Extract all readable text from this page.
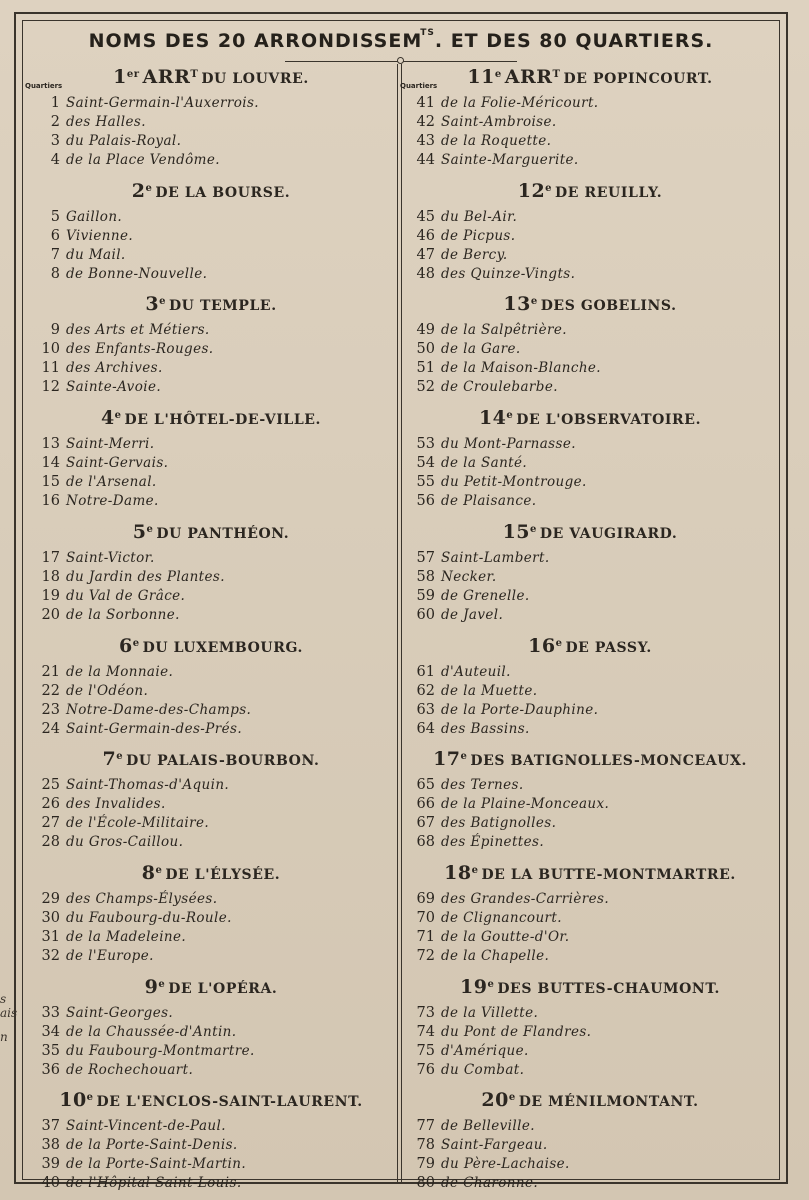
s
ais
n
NOMS DES 20 $ARRONDISSEM^{TS}$. ET DES 80 QUARTIERS.
1er $ARR^T$ DU LOUVRE.
Quartiers
1 Saint-Germain-l'Auxerrois.
2 des Halles.
3 du Palais-Royal.
4 de la Place Vendôme.
2e DE LA BOURSE.
5 Gaillon.
6 Vivienne.
7 du Mail.
8 de Bonne-Nouvelle.
3e DU TEMPLE.
9 des Arts et Métiers.
10 des Enfants-Rouges.
11 des Archives.
12 Sainte-Avoie.
4e DE L'HÔTEL-DE-VILLE.
13 Saint-Merri.
14 Saint-Gervais.
15 de l'Arsenal.
16 Notre-Dame.
5e DU PANTHÉON.
17 Saint-Victor.
18 du Jardin des Plantes.
19 du Val de Grâce.
20 de la Sorbonne.
6e DU LUXEMBOURG.
21 de la Monnaie.
22 de l'Odéon.
23 Notre-Dame-des-Champs.
24 Saint-Germain-des-Prés.
7e DU PALAIS-BOURBON.
25 Saint-Thomas-d'Aquin.
26 des Invalides.
27 de l'École-Militaire.
28 du Gros-Caillou.
8e DE L'ÉLYSÉE.
29 des Champs-Élysées.
30 du Faubourg-du-Roule.
31 de la Madeleine.
32 de l'Europe.
9e DE L'OPÉRA.
33 Saint-Georges.
34 de la Chaussée-d'Antin.
35 du Faubourg-Montmartre.
36 de Rochechouart.
10e DE L'ENCLOS-SAINT-LAURENT.
37 Saint-Vincent-de-Paul.
38 de la Porte-Saint-Denis.
39 de la Porte-Saint-Martin.
40 de l'Hôpital Saint-Louis.
11e $ARR^T$ DE POPINCOURT.
Quartiers
41 de la Folie-Méricourt.
42 Saint-Ambroise.
43 de la Roquette.
44 Sainte-Marguerite.
12e DE REUILLY.
45 du Bel-Air.
46 de Picpus.
47 de Bercy.
48 des Quinze-Vingts.
13e DES GOBELINS.
49 de la Salpêtrière.
50 de la Gare.
51 de la Maison-Blanche.
52 de Croulebarbe.
14e DE L'OBSERVATOIRE.
53 du Mont-Parnasse.
54 de la Santé.
55 du Petit-Montrouge.
56 de Plaisance.
15e DE VAUGIRARD.
57 Saint-Lambert.
58 Necker.
59 de Grenelle.
60 de Javel.
16e DE PASSY.
61 d'Auteuil.
62 de la Muette.
63 de la Porte-Dauphine.
64 des Bassins.
17e DES BATIGNOLLES-MONCEAUX.
65 des Ternes.
66 de la Plaine-Monceaux.
67 des Batignolles.
68 des Épinettes.
18e DE LA BUTTE-MONTMARTRE.
69 des Grandes-Carrières.
70 de Clignancourt.
71 de la Goutte-d'Or.
72 de la Chapelle.
19e DES BUTTES-CHAUMONT.
73 de la Villette.
74 du Pont de Flandres.
75 d'Amérique.
76 du Combat.
20e DE MÉNILMONTANT.
77 de Belleville.
78 Saint-Fargeau.
79 du Père-Lachaise.
80 de Charonne.
